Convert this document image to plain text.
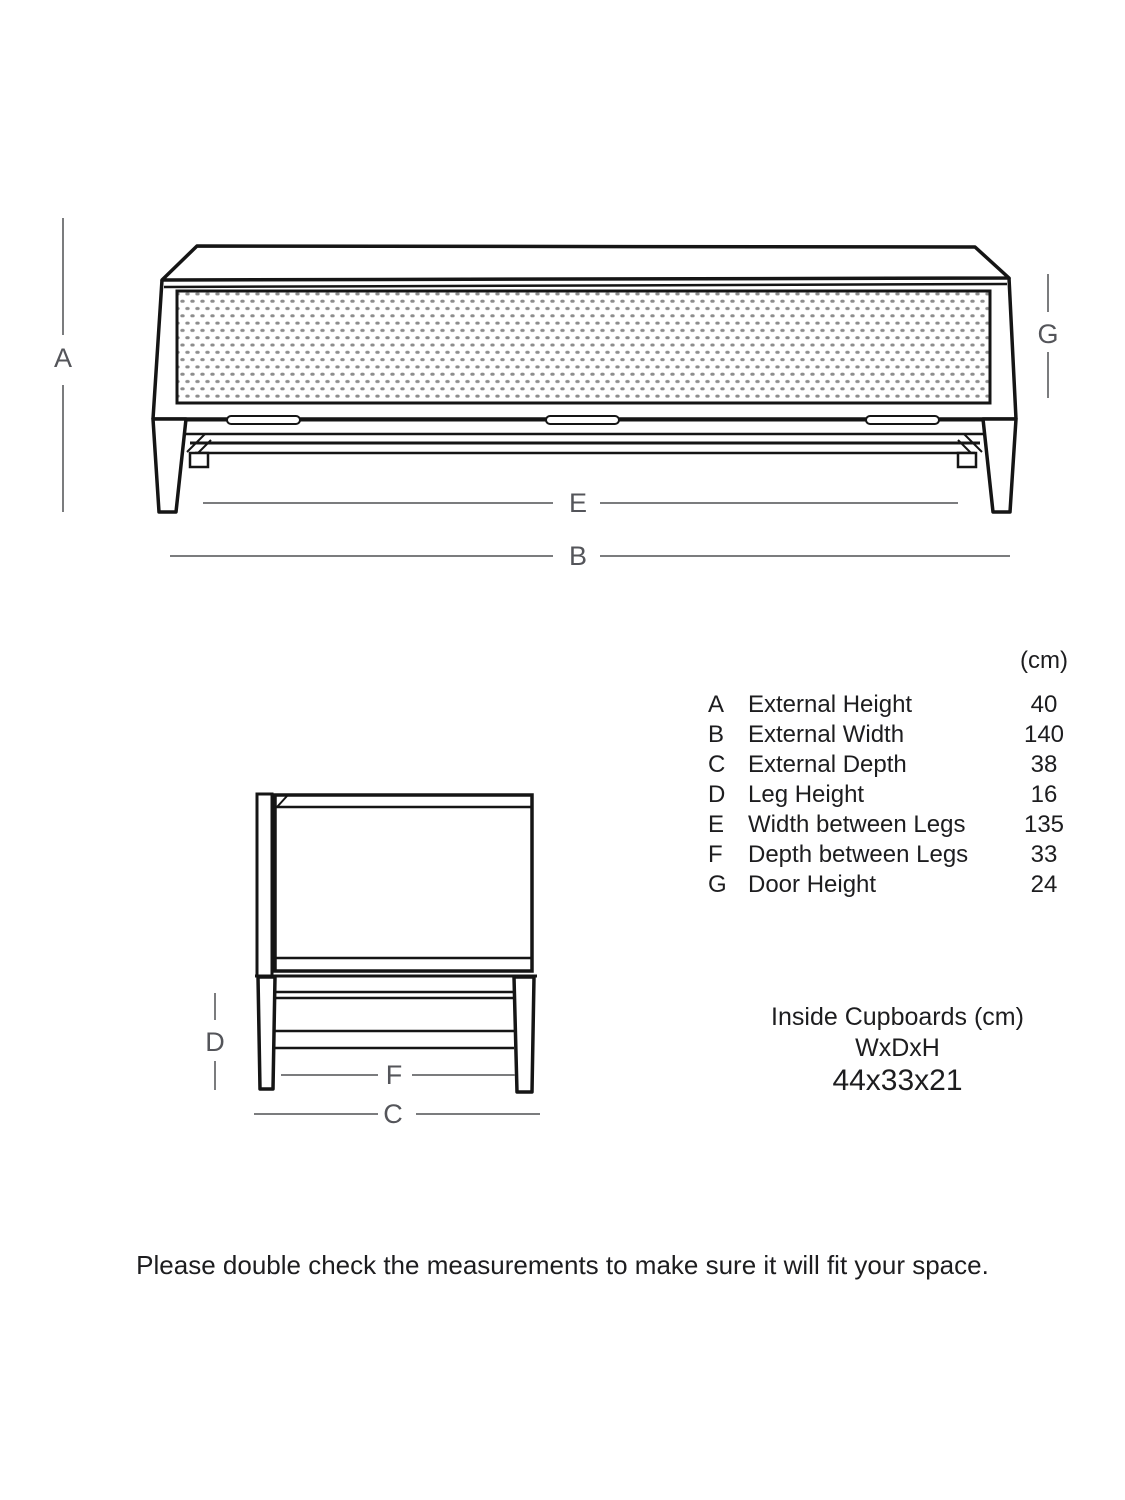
A
G
E
B
D
F
C
(cm)
A External Height	40
B External Width	140
C External Depth	38
D Leg Height	16
E Width between Legs	135
F	Depth between Legs	33
G Door Height	24
Inside Cupboards (cm)
WxDxH
44x33x21
Please double check the measurements to make sure it will fit your space.
